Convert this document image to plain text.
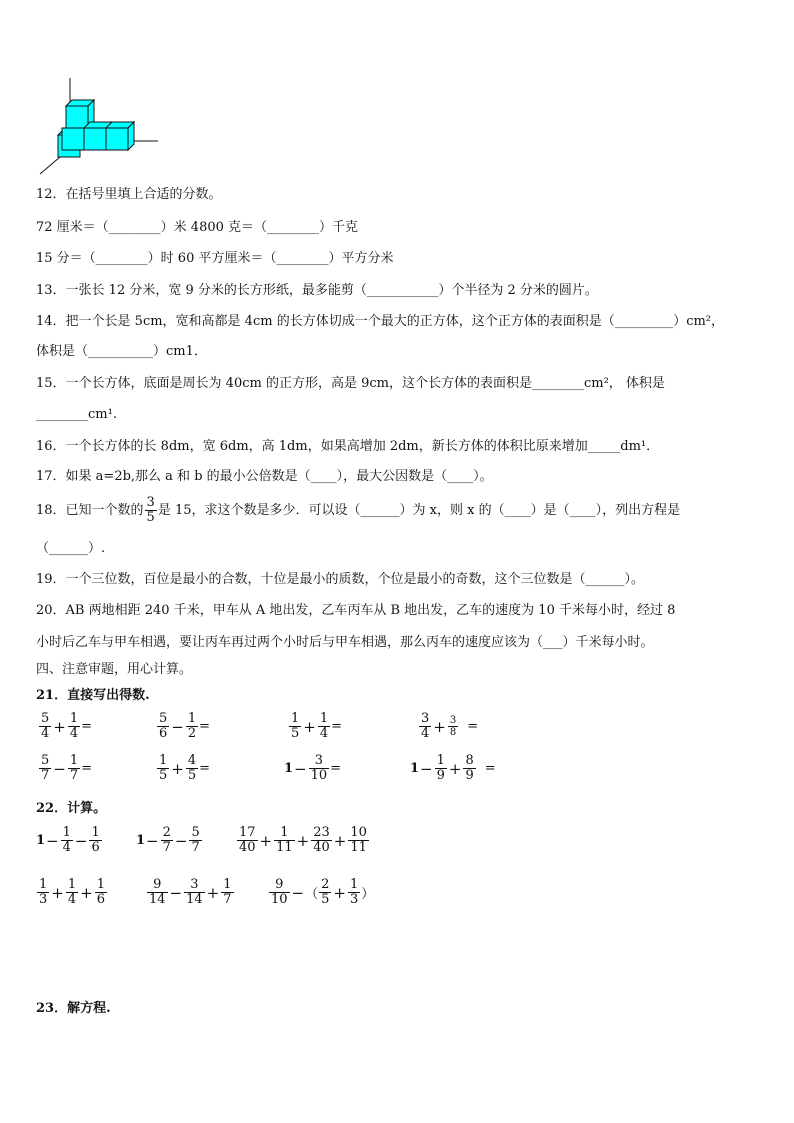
12．在括号里填上合适的分数。
72 厘米＝（________）米 4800 克＝（________）千克
15 分＝（________）时 60 平方厘米＝（________）平方分米
13．一张长 12 分米，宽 9 分米的长方形纸，最多能剪（___________）个半径为 2 分米的圆片。
14．把一个长是 5cm，宽和高都是 4cm 的长方体切成一个最大的正方体，这个正方体的表面积是（_________）cm²，
体积是（__________）cm1．
15．一个长方体，底面是周长为 40cm 的正方形，高是 9cm，这个长方体的表面积是________cm²， 体积是
________cm¹.
16．一个长方体的长 8dm，宽 6dm，高 1dm，如果高增加 2dm，新长方体的体积比原来增加_____dm¹．
17．如果 a=2b,那么 a 和 b 的最小公倍数是（____），最大公因数是（____）。
18．已知一个数的 $\frac{3}{5}$ 是 15，求这个数是多少．可以设（______）为 x，则 x 的（____）是（____），列出方程是
（______）.
19．一个三位数，百位是最小的合数，十位是最小的质数，个位是最小的奇数，这个三位数是（______）。
20．AB 两地相距 240 千米，甲车从 A 地出发，乙车丙车从 B 地出发，乙车的速度为 10 千米每小时，经过 8
小时后乙车与甲车相遇，要让丙车再过两个小时后与甲车相遇，那么丙车的速度应该为（___）千米每小时。
四、注意审题，用心计算。
21．直接写出得数.
$\frac{5}{4} + \frac{1}{4}$ =	$\frac{5}{6} - \frac{1}{2}$ =	$\frac{1}{5} + \frac{1}{4}$ =	$\frac{3}{4} + \frac{3}{8}$ =
$\frac{5}{7} - \frac{1}{7}$ =	$\frac{1}{5} + \frac{4}{5}$ =	$1 - \frac{3}{10}$ =	$1 - \frac{1}{9} + \frac{8}{9}$ =
22．计算。
$1 - \frac{1}{4} - \frac{1}{6}$	$1 - \frac{2}{7} - \frac{5}{7}$	$\frac{17}{40} + \frac{1}{11} + \frac{23}{40} + \frac{10}{11}$
$\frac{1}{3} + \frac{1}{4} + \frac{1}{6}$	$\frac{9}{14} - \frac{3}{14} + \frac{1}{7}$	$\frac{9}{10}$ − （ $\frac{2}{5} + \frac{1}{3}$ ）
23．解方程.
